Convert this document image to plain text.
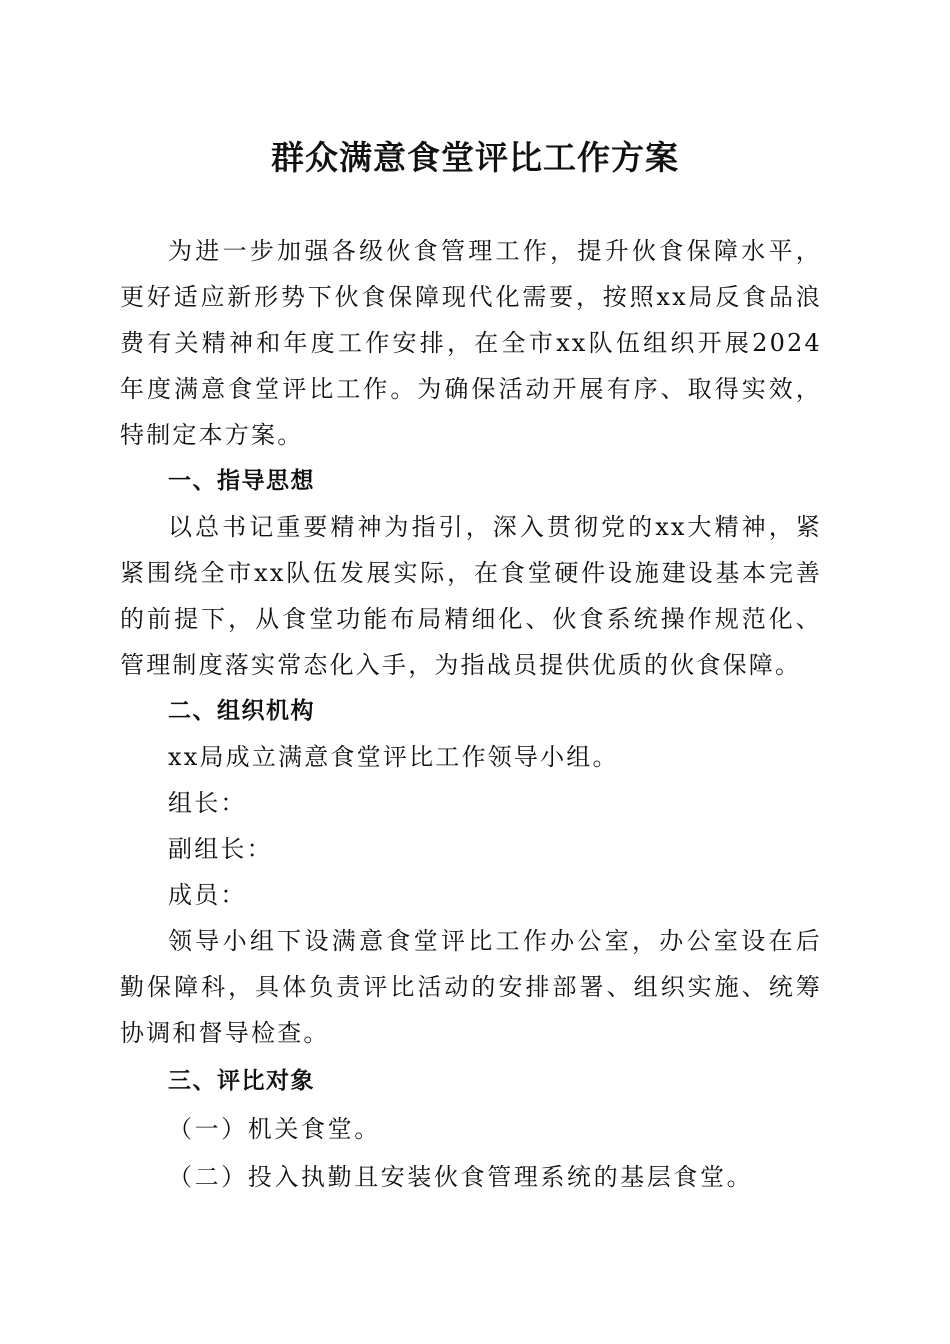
群众满意食堂评比工作方案

为进一步加强各级伙食管理工作，提升伙食保障水平，更好适应新形势下伙食保障现代化需要，按照xx局反食品浪费有关精神和年度工作安排，在全市xx队伍组织开展2024年度满意食堂评比工作。为确保活动开展有序、取得实效，特制定本方案。

一、指导思想

以总书记重要精神为指引，深入贯彻党的xx大精神，紧紧围绕全市xx队伍发展实际，在食堂硬件设施建设基本完善的前提下，从食堂功能布局精细化、伙食系统操作规范化、管理制度落实常态化入手，为指战员提供优质的伙食保障。

二、组织机构

xx局成立满意食堂评比工作领导小组。

组长：

副组长：

成员：

领导小组下设满意食堂评比工作办公室，办公室设在后勤保障科，具体负责评比活动的安排部署、组织实施、统筹协调和督导检查。

三、评比对象

（一）机关食堂。

（二）投入执勤且安装伙食管理系统的基层食堂。
